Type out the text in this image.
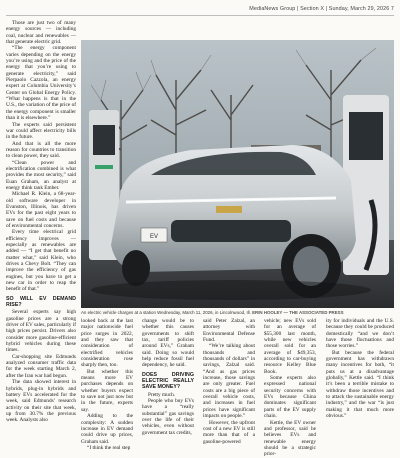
MediaNews Group | Section X | Sunday, March 29, 2026 7

Those are just two of many energy sources — including coal, nuclear and renewables — that generate electric grid.

“The energy component varies depending on the energy you’re using and the price of the energy that you’re using to generate electricity,” said Pierpaolo Cazzola, an energy expert at Columbia University’s Center on Global Energy Policy. “What happens is that in the U.S., the variation of the price of the energy component is smaller than it is elsewhere.”

The experts said persistent war could affect electricity bills in the future.

And that is all the more reason for countries to transition to clean power, they said.

“Clean power and electrification combined is what provides the most security,” said Euan Graham, an analyst at energy think tank Ember.

Michael R. Klein, a 68-year-old software developer in Evanston, Illinois, has driven EVs for the past eight years to save on fuel costs and because of environmental concerns.

Every time electrical grid efficiency improves — especially as renewables are added — “I get that benefit no matter what,” said Klein, who drives a Chevy Bolt. “They can improve the efficiency of gas engines, but you have to get a new car in order to reap the benefit of that.”

SO WILL EV DEMAND RISE?

Several experts say high gasoline prices are a strong driver of EV sales, particularly if high prices persist. Drivers also consider more gasoline-efficient hybrid vehicles during these times.

Car-shopping site Edmunds analyzed consumer traffic data for the week starting March 2, after the Iran war had begun.

The data showed interest in hybrids, plug-in hybrids and battery EVs accelerated for the week, said Edmunds’ research activity on their site that week, up from 30.7% the previous week. Analysts also

EV
An electric vehicle charges at a station Wednesday, March 11, 2026, in Lincolnwood, Ill. ERIN HOOLEY — THE ASSOCIATED PRESS

looked back at the last major nationwide fuel price surges in 2022, and they saw that consideration of electrified vehicles consideration rose sharply then, too.

But whether this means more EV purchases depends on whether buyers expect to save not just now but in the future, experts say.

Adding to the complexity: A sudden increase in EV demand could drive up prices, Graham said.

“I think the real step

change would be to whether this causes governments to shift tax, tariff policies around EVs,” Graham said. Doing so would help reduce fossil fuel dependency, he said.

DOES DRIVING ELECTRIC REALLY SAVE MONEY?

Pretty much.

People who buy EVs have a “really substantial” gas savings over the life of their vehicles, even without government tax credits,

said Peter Zalzal, an attorney with Environmental Defense Fund.

“We’re talking about thousands and thousands of dollars” in savings, Zalzal said. “And as gas prices increase, those savings are only greater. Fuel costs are a big piece of overall vehicle costs, and increases in fuel prices have significant impacts on people.”

However, the upfront cost of a new EV is still more than that of a gasoline-powered

vehicle; new EVs sold for an average of $55,300 last month, while new vehicles overall sold for an average of $49,353, according to car-buying resource Kelley Blue Book.

Some experts also expressed national security concerns with EVs because China dominates significant parts of the EV supply chain.

Kettle, the EV owner and professor, said he believes EVs and renewable energy should be a strategic prior-

ity for individuals and the U.S. because they could be produced domestically “and we don’t have those fluctuations and those worries.”

But because the federal government has withdrawn many incentives for both, “it puts us at a disadvantage globally,” Kettle said. “I think it’s been a terrible mistake to withdraw those incentives and to attack the sustainable energy industry,” and the war “is just making it that much more obvious.”
